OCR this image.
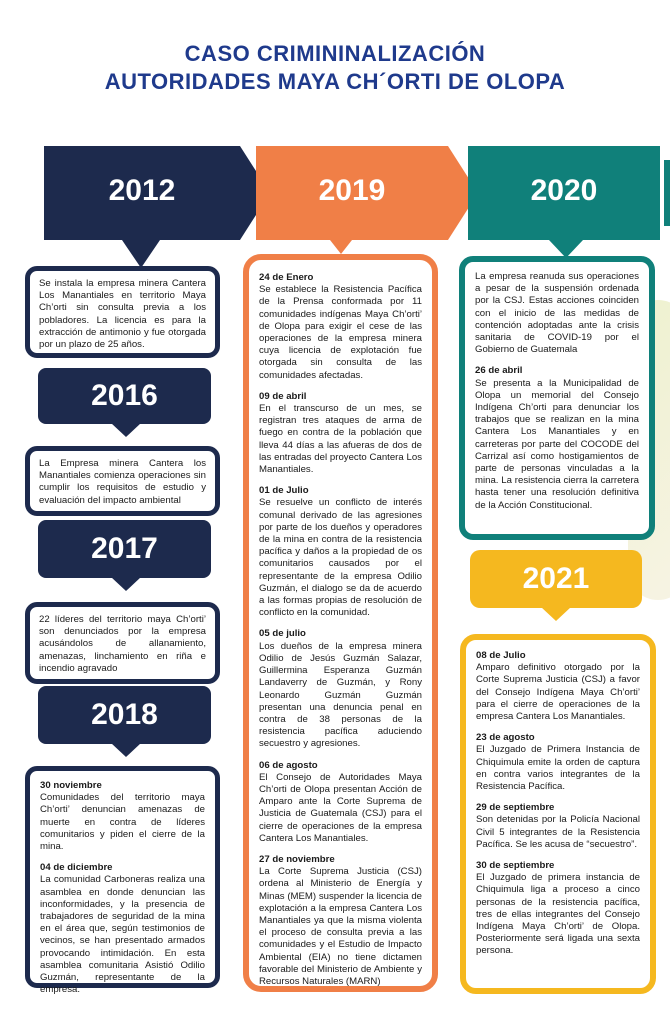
CASO CRIMININALIZACIÓN
AUTORIDADES MAYA CH´ORTI DE OLOPA
2012	2019	2020

Se instala la empresa minera Cantera Los Manantiales en territorio Maya Ch’orti sin consulta previa a los pobladores. La licencia es para la extracción de antimonio y fue otorgada por un plazo de 25 años.

2016

La Empresa minera Cantera los Manantiales comienza operaciones sin cumplir los requisitos de estudio y evaluación del impacto ambiental

2017

22 líderes del territorio maya Ch’orti’ son denunciados por la empresa acusándolos de allanamiento, amenazas, linchamiento en riña e incendio agravado

2018

30 noviembre

Comunidades del territorio maya Ch’orti’ denuncian amenazas de muerte en contra de líderes comunitarios y piden el cierre de la mina.

04 de diciembre

La comunidad Carboneras realiza una asamblea en donde denuncian las inconformidades, y la presencia de trabajadores de seguridad de la mina en el área que, según testimonios de vecinos, se han presentado armados provocando intimidación. En esta asamblea comunitaria Asistió Odilio Guzmán, representante de la empresa.

24 de Enero

Se establece la Resistencia Pacífica de la Prensa conformada por 11 comunidades indígenas Maya Ch’orti’ de Olopa para exigir el cese de las operaciones de la empresa minera cuya licencia de explotación fue otorgada sin consulta de las comunidades afectadas.

09 de abril

En el transcurso de un mes, se registran tres ataques de arma de fuego en contra de la población que lleva 44 días a las afueras de dos de las entradas del proyecto Cantera Los Manantiales.

01 de Julio

Se resuelve un conflicto de interés comunal derivado de las agresiones por parte de los dueños y operadores de la mina en contra de la resistencia pacífica y daños a la propiedad de os comunitarios causados por el representante de la empresa Odilio Guzmán, el dialogo se da de acuerdo a las formas propias de resolución de conflicto en la comunidad.

05 de julio

Los dueños de la empresa minera Odilio de Jesús Guzmán Salazar, Guillermina Esperanza Guzmán Landaverry de Guzmán, y Rony Leonardo Guzmán Guzmán presentan una denuncia penal en contra de 38 personas de la resistencia pacífica aduciendo secuestro y agresiones.

06 de agosto

El Consejo de Autoridades Maya Ch’orti de Olopa presentan Acción de Amparo ante la Corte Suprema de Justicia de Guatemala (CSJ) para el cierre de operaciones de la empresa Cantera Los Manantiales.

27 de noviembre

La Corte Suprema Justicia (CSJ) ordena al Ministerio de Energía y Minas (MEM) suspender la licencia de explotación a la empresa Cantera Los Manantiales ya que la misma violenta el proceso de consulta previa a las comunidades y el Estudio de Impacto Ambiental (EIA) no tiene dictamen favorable del Ministerio de Ambiente y Recursos Naturales (MARN)

La empresa reanuda sus operaciones a pesar de la suspensión ordenada por la CSJ. Estas acciones coinciden con el inicio de las medidas de contención adoptadas ante la crisis sanitaria de COVID-19 por el Gobierno de Guatemala

26 de abril

Se presenta a la Municipalidad de Olopa un memorial del Consejo Indígena Ch’orti para denunciar los trabajos que se realizan en la mina Cantera Los Manantiales y en carreteras por parte del COCODE del Carrizal así como hostigamientos de parte de personas vinculadas a la mina. La resistencia cierra la carretera hasta tener una resolución definitiva de la Acción Constitucional.

2021

08 de Julio

Amparo definitivo otorgado por la Corte Suprema Justicia (CSJ) a favor del Consejo Indígena Maya Ch’orti’ para el cierre de operaciones de la empresa Cantera Los Manantiales.

23 de agosto

El Juzgado de Primera Instancia de Chiquimula emite la orden de captura en contra varios integrantes de la Resistencia Pacífica.

29 de septiembre

Son detenidas por la Policía Nacional Civil 5 integrantes de la Resistencia Pacífica. Se les acusa de “secuestro”.

30 de septiembre

El Juzgado de primera instancia de Chiquimula liga a proceso a cinco personas de la resistencia pacífica, tres de ellas integrantes del Consejo Indígena Maya Ch’orti’ de Olopa. Posteriormente será ligada una sexta persona.
